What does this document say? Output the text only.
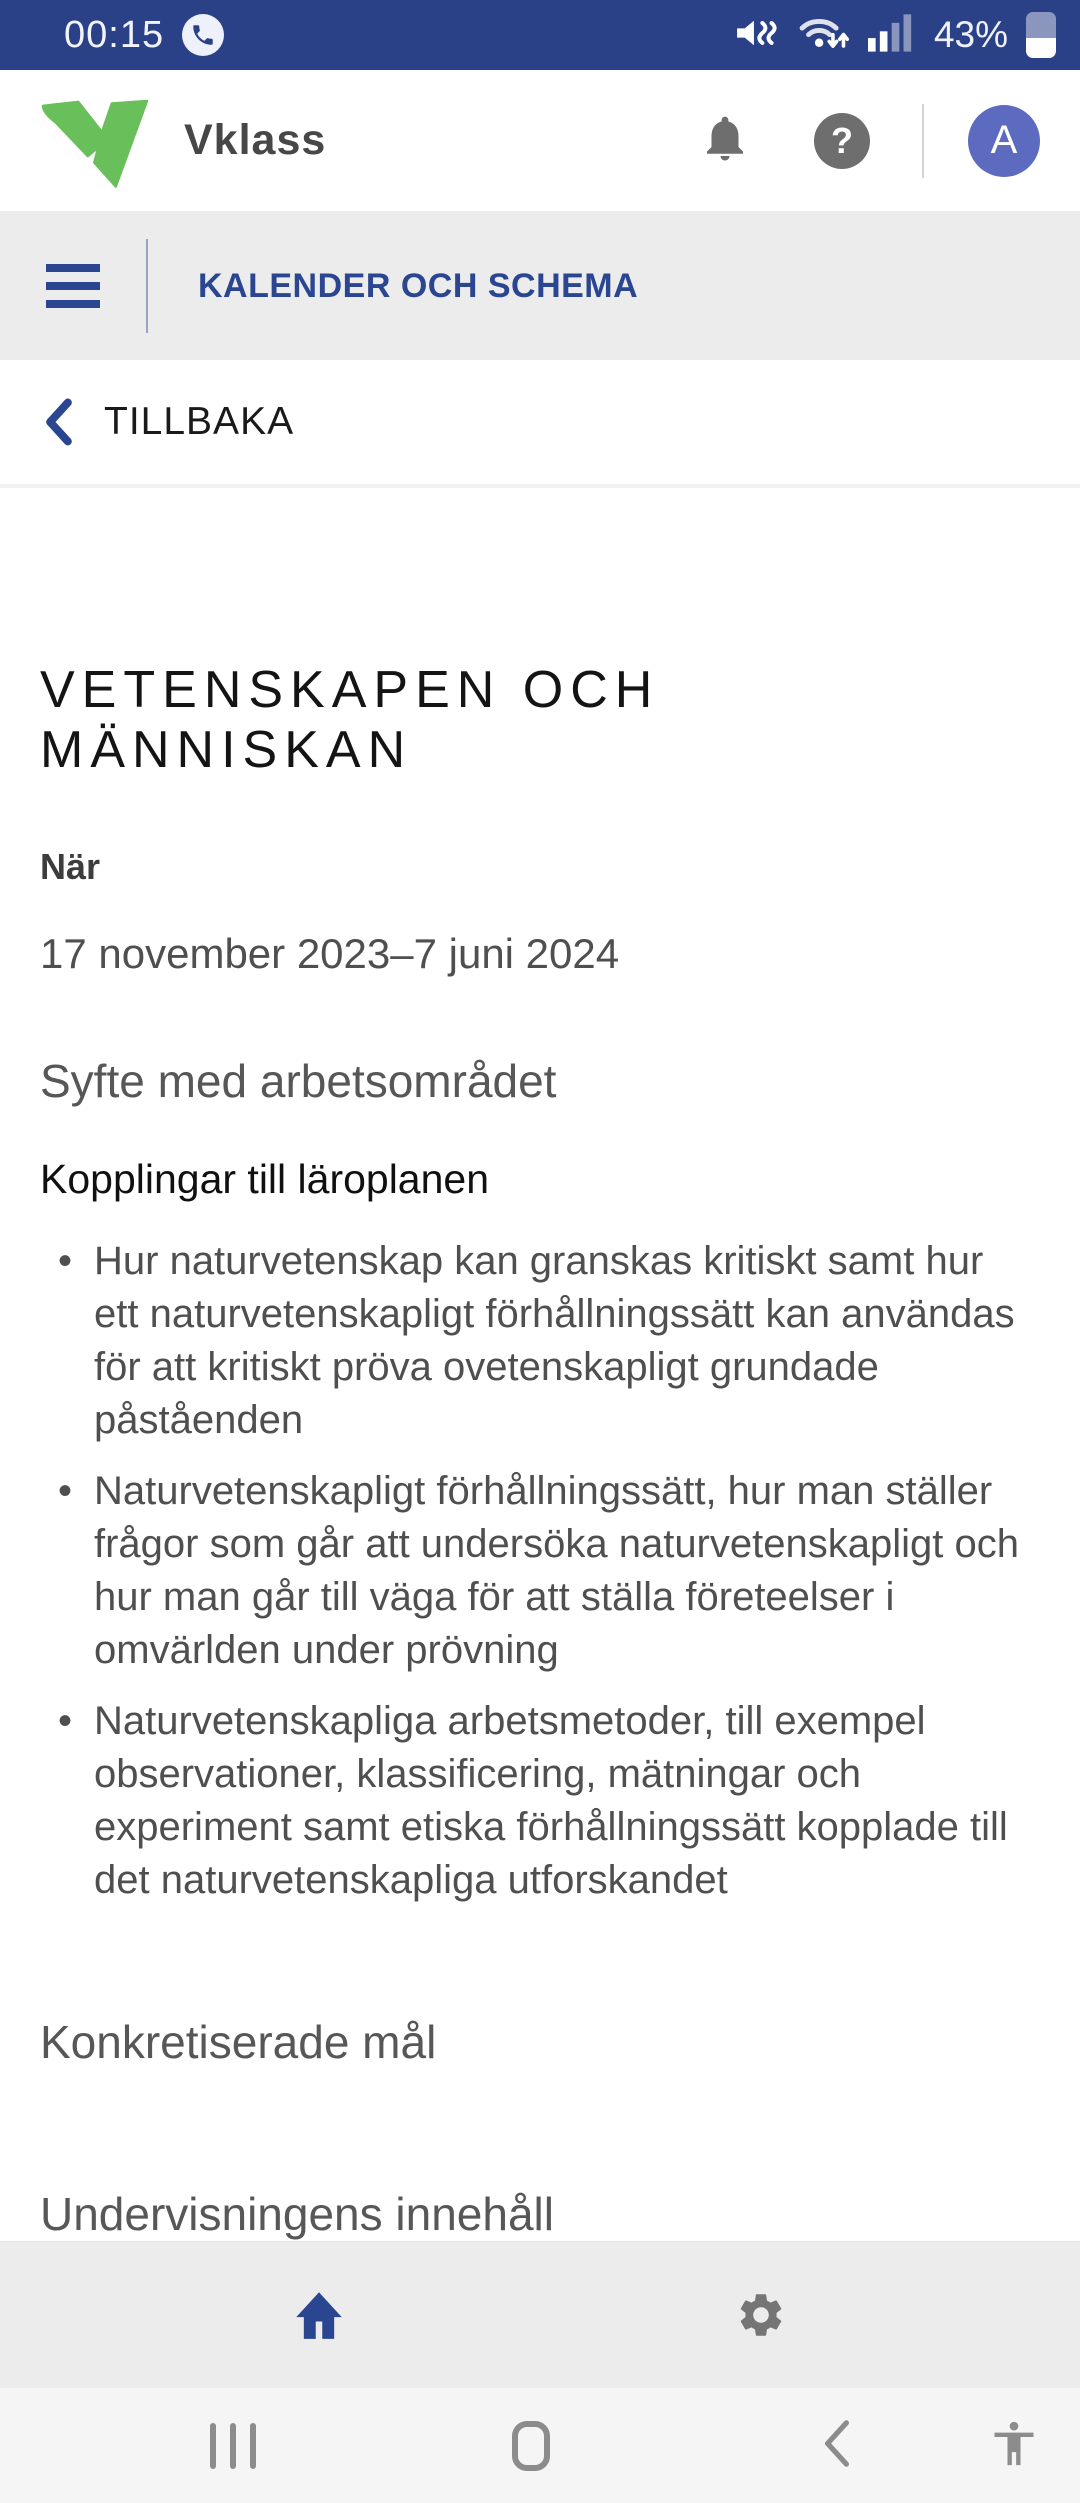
00:15	43%
Vklass	?	A
KALENDER OCH SCHEMA
TILLBAKA
VETENSKAPEN OCH MÄNNISKAN
När
17 november 2023–7 juni 2024
Syfte med arbetsområdet
Kopplingar till läroplanen
• Hur naturvetenskap kan granskas kritiskt samt hur ett naturvetenskapligt förhållningssätt kan användas för att kritiskt pröva ovetenskapligt grundade påståenden
• Naturvetenskapligt förhållningssätt, hur man ställer frågor som går att undersöka naturvetenskapligt och hur man går till väga för att ställa företeelser i omvärlden under prövning
• Naturvetenskapliga arbetsmetoder, till exempel observationer, klassificering, mätningar och experiment samt etiska förhållningssätt kopplade till det naturvetenskapliga utforskandet
Konkretiserade mål
Undervisningens innehåll
